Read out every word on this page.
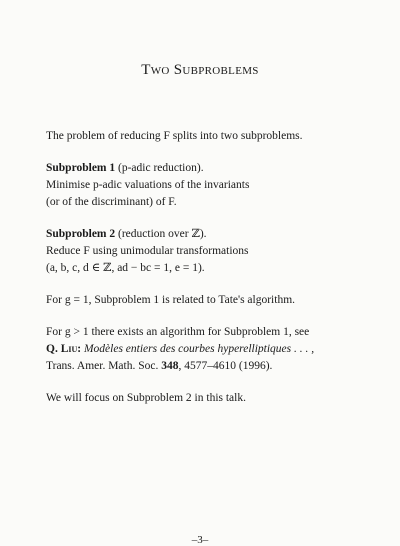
Two Subproblems

The problem of reducing F splits into two subproblems.

Subproblem 1 (p-adic reduction).
Minimise p-adic valuations of the invariants
(or of the discriminant) of F.

Subproblem 2 (reduction over ℤ).
Reduce F using unimodular transformations
(a, b, c, d ∈ ℤ, ad − bc = 1, e = 1).

For g = 1, Subproblem 1 is related to Tate's algorithm.

For g > 1 there exists an algorithm for Subproblem 1, see
Q. Liu: Modèles entiers des courbes hyperelliptiques . . . ,
Trans. Amer. Math. Soc. 348, 4577–4610 (1996).

We will focus on Subproblem 2 in this talk.

–3–
